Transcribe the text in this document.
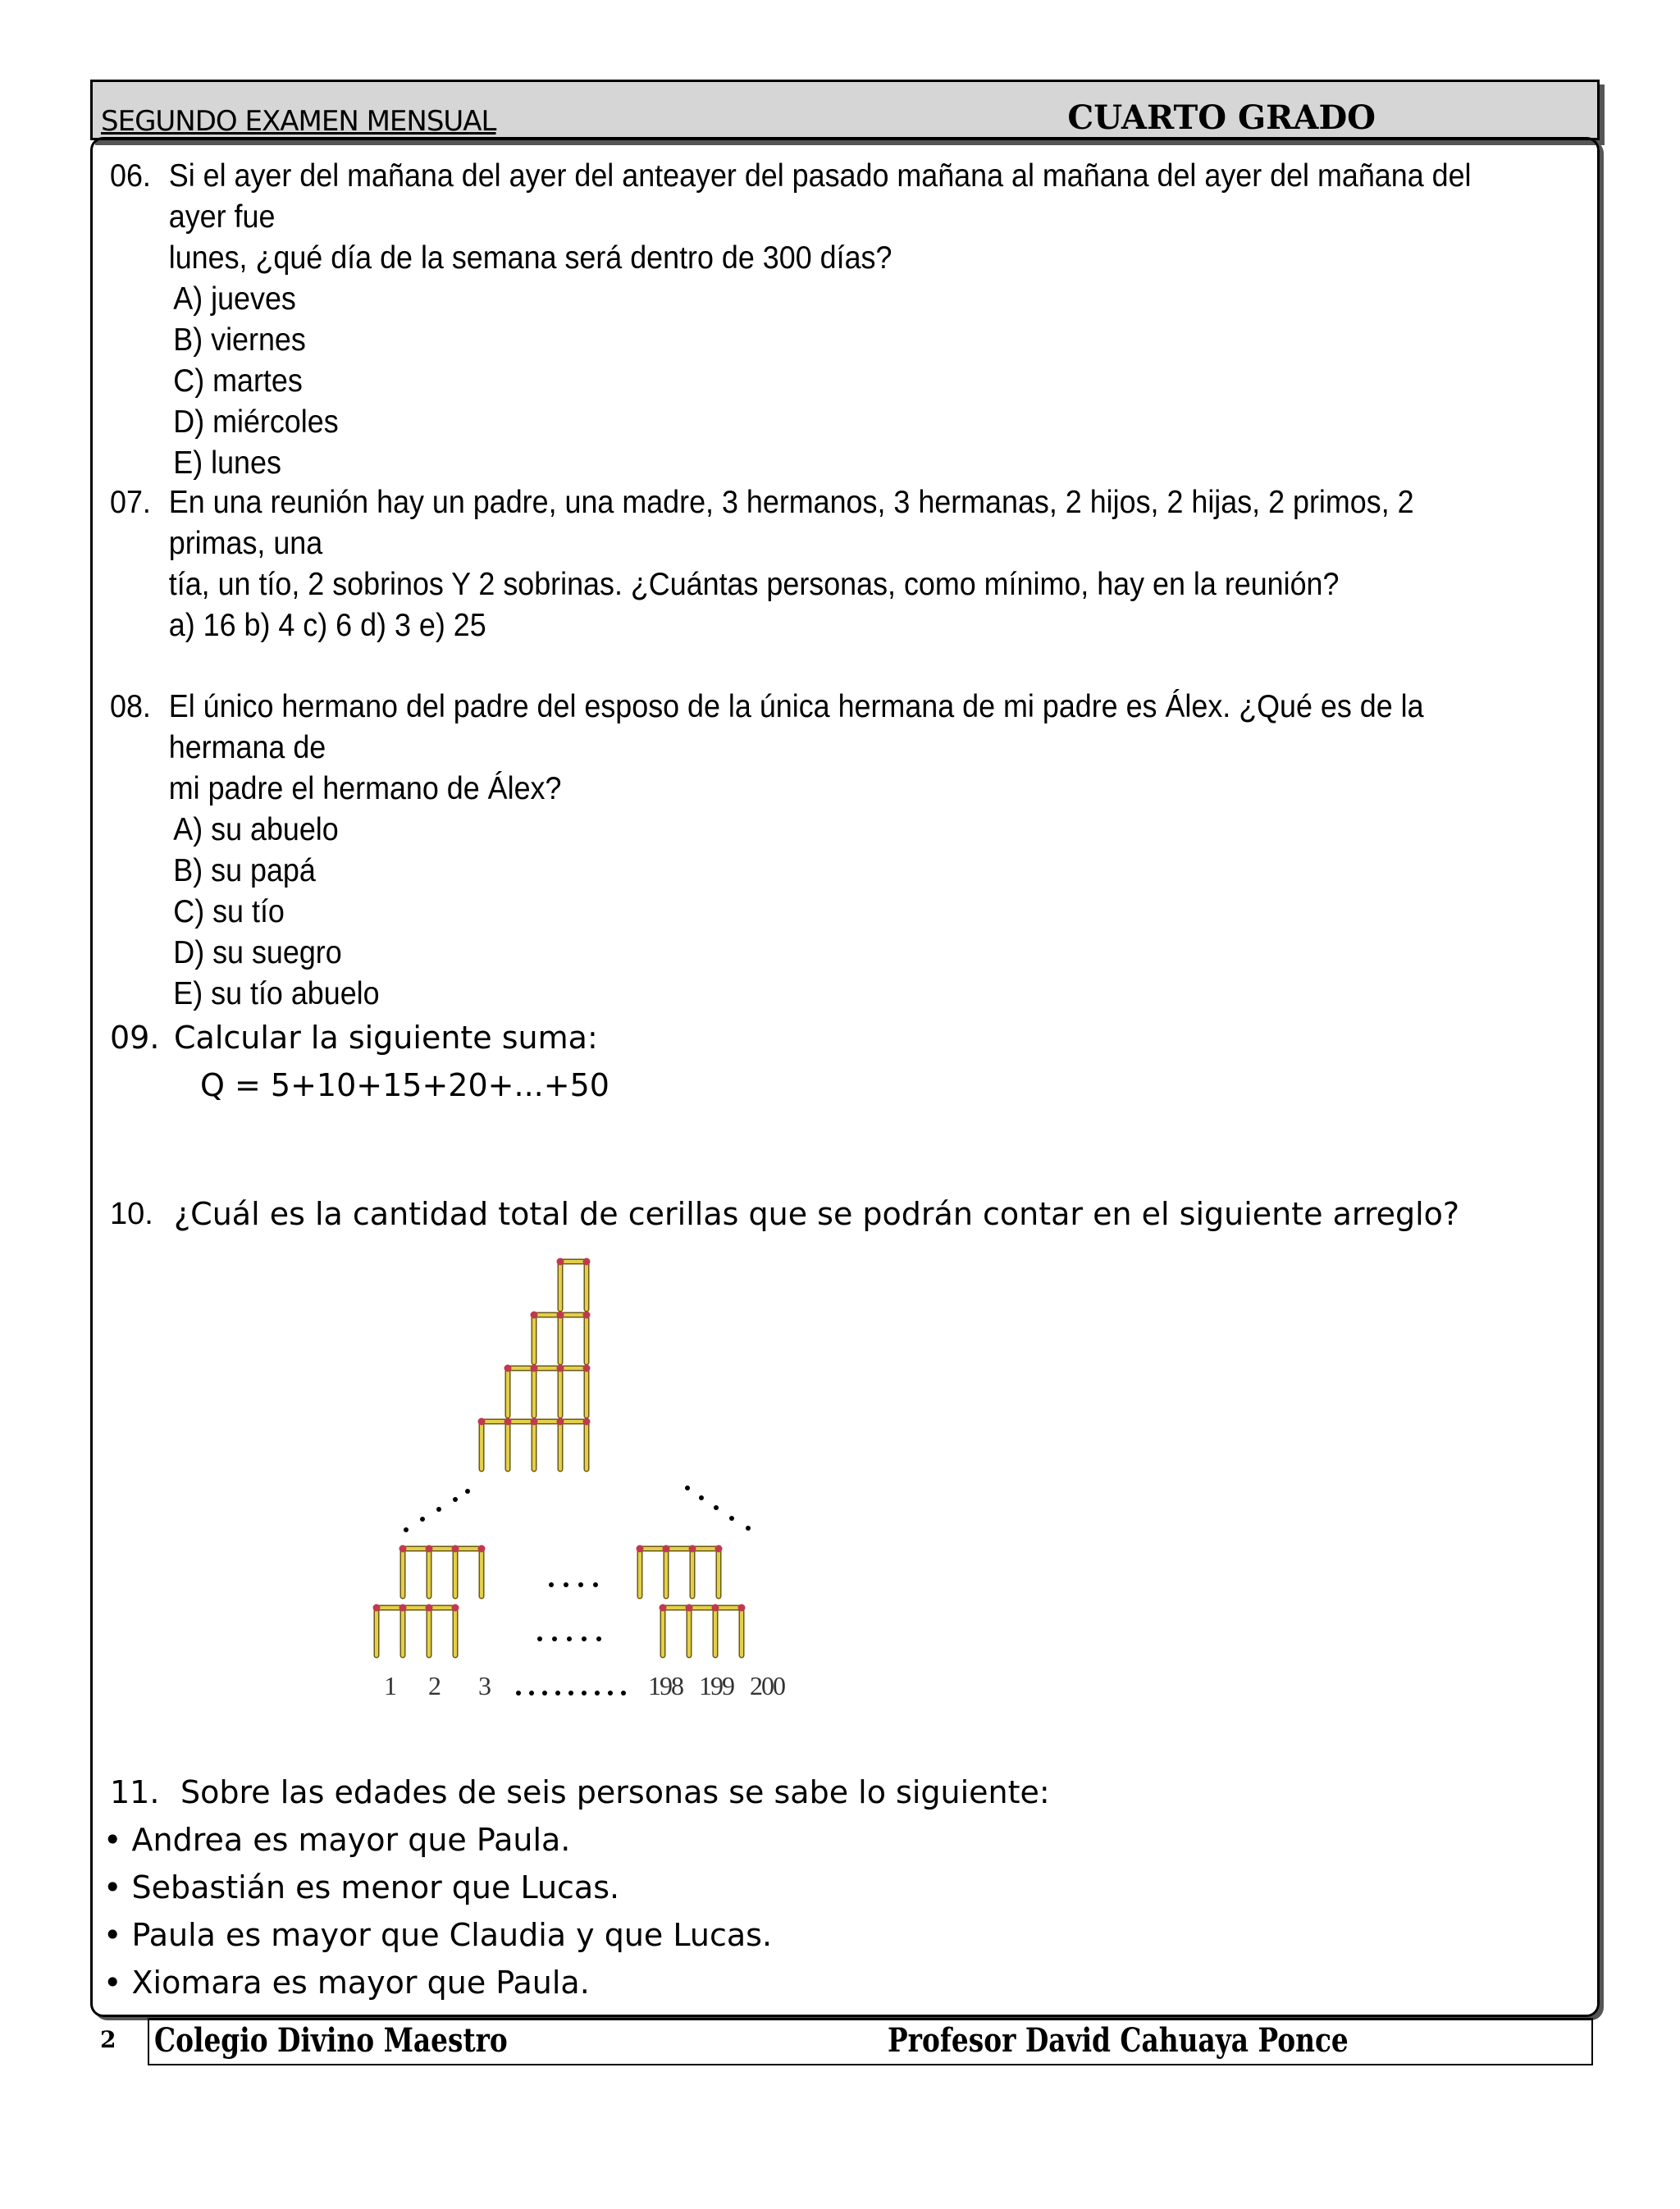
SEGUNDO EXAMEN MENSUAL	CUARTO GRADO
06. Si el ayer del mañana del ayer del anteayer del pasado mañana al mañana del ayer del mañana del ayer fue
lunes, ¿qué día de la semana será dentro de 300 días?
A) jueves
B) viernes
C) martes
D) miércoles
E) lunes
07. En una reunión hay un padre, una madre, 3 hermanos, 3 hermanas, 2 hijos, 2 hijas, 2 primos, 2 primas, una
tía, un tío, 2 sobrinos Y 2 sobrinas. ¿Cuántas personas, como mínimo, hay en la reunión?
a) 16 b) 4 c) 6 d) 3 e) 25
08. El único hermano del padre del esposo de la única hermana de mi padre es Álex. ¿Qué es de la hermana de
mi padre el hermano de Álex?
A) su abuelo
B) su papá
C) su tío
D) su suegro
E) su tío abuelo
09. Calcular la siguiente suma:
Q = 5+10+15+20+...+50
10. ¿Cuál es la cantidad total de cerillas que se podrán contar en el siguiente arreglo?
1 2 3	198 199 200
11. Sobre las edades de seis personas se sabe lo siguiente:
• Andrea es mayor que Paula.
• Sebastián es menor que Lucas.
• Paula es mayor que Claudia y que Lucas.
• Xiomara es mayor que Paula.
2 Colegio Divino Maestro	Profesor David Cahuaya Ponce
